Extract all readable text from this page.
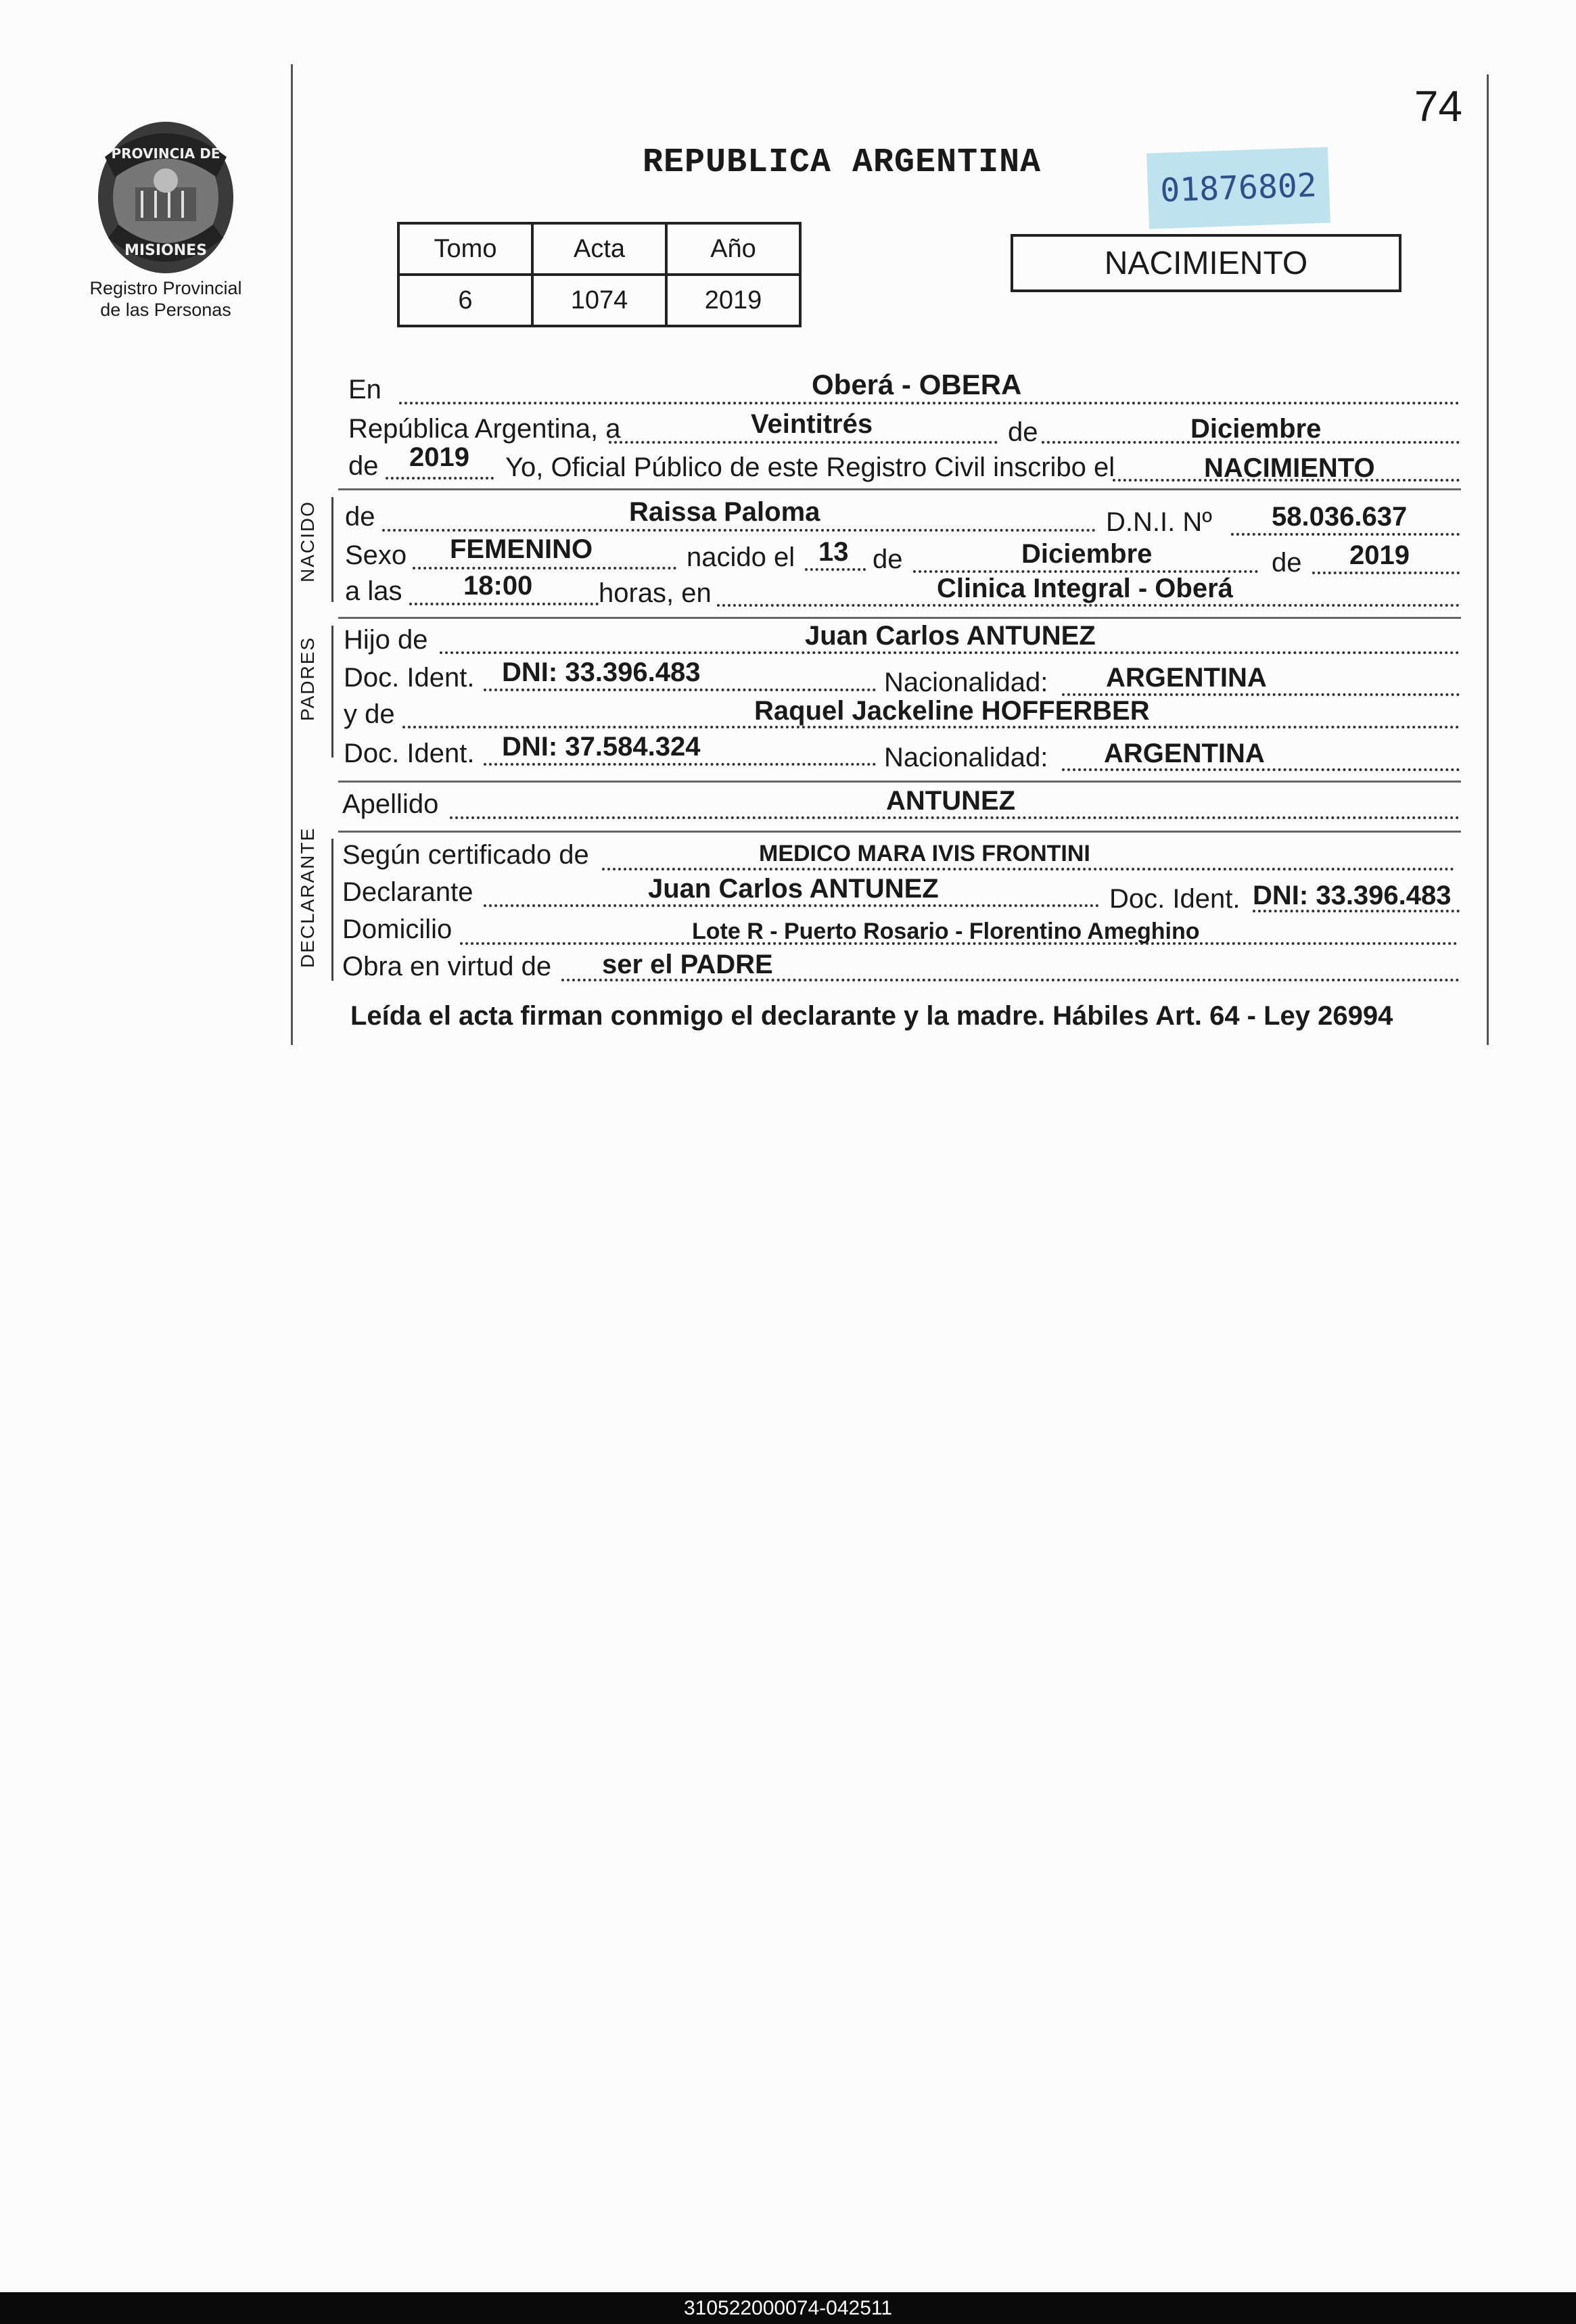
PROVINCIA DE
MISIONES
Registro Provincial
de las Personas
74
REPUBLICA ARGENTINA
01876802
Tomo	Acta	Año
6	1074	2019
NACIMIENTO
En	Oberá - OBERA
República Argentina, a	Veintitrés	de	Diciembre
de 2019 Yo, Oficial Público de este Registro Civil inscribo el	NACIMIENTO
NACIDO de	Raissa Paloma	D.N.I. Nº 58.036.637
Sexo FEMENINO	nacido el 13 de	Diciembre	de 2019
a las 18:00 horas, en	Clinica Integral - Oberá
PADRES Hijo de	Juan Carlos ANTUNEZ
Doc. Ident. DNI: 33.396.483	Nacionalidad: ARGENTINA
y de	Raquel Jackeline HOFFERBER
Doc. Ident. DNI: 37.584.324	Nacionalidad: ARGENTINA
Apellido	ANTUNEZ
DECLARANTE Según certificado de	MEDICO MARA IVIS FRONTINI
Declarante	Juan Carlos ANTUNEZ	Doc. Ident. DNI: 33.396.483
Domicilio	Lote R - Puerto Rosario - Florentino Ameghino
Obra en virtud de ser el PADRE
Leída el acta firman conmigo el declarante y la madre. Hábiles Art. 64 - Ley 26994
310522000074-042511
